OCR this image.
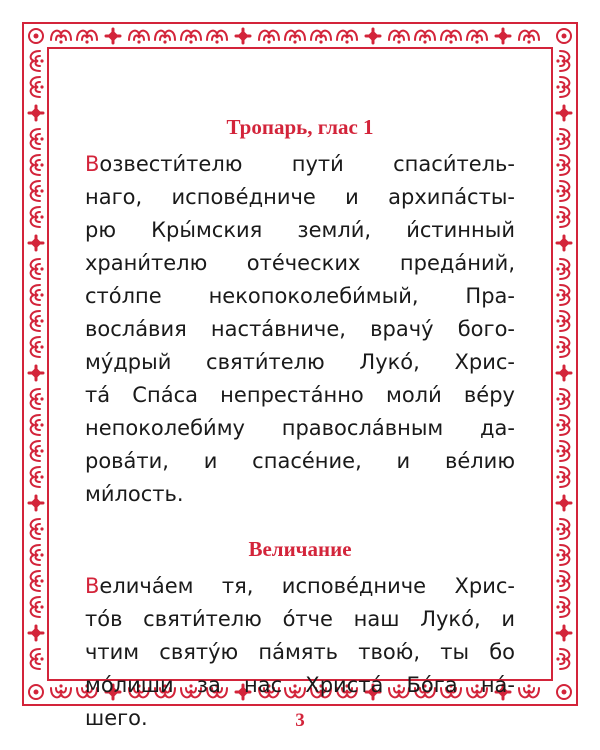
Тропарь, глас 1
Возвести́телю пути́ спаси́тель-
наго, испове́дниче и архипа́сты-
рю Кры́мския земли́, и́стинный
храни́телю оте́ческих преда́ний,
сто́лпе некопоколеби́мый, Пра-
восла́вия наста́вниче, врачу́ бого-
му́дрый святи́телю Луко́, Хрис-
та́ Спа́са непреста́нно моли́ ве́ру
непоколеби́му правосла́вным да-
рова́ти, и спасе́ние, и ве́лию
ми́лость.
Величание
Велича́ем тя, испове́дниче Хрис-
то́в святи́телю о́тче наш Луко́, и
чтим святу́ю па́мять твою́, ты бо
мо́лиши за нас Христа́ Бо́га на́-
шего.	3
